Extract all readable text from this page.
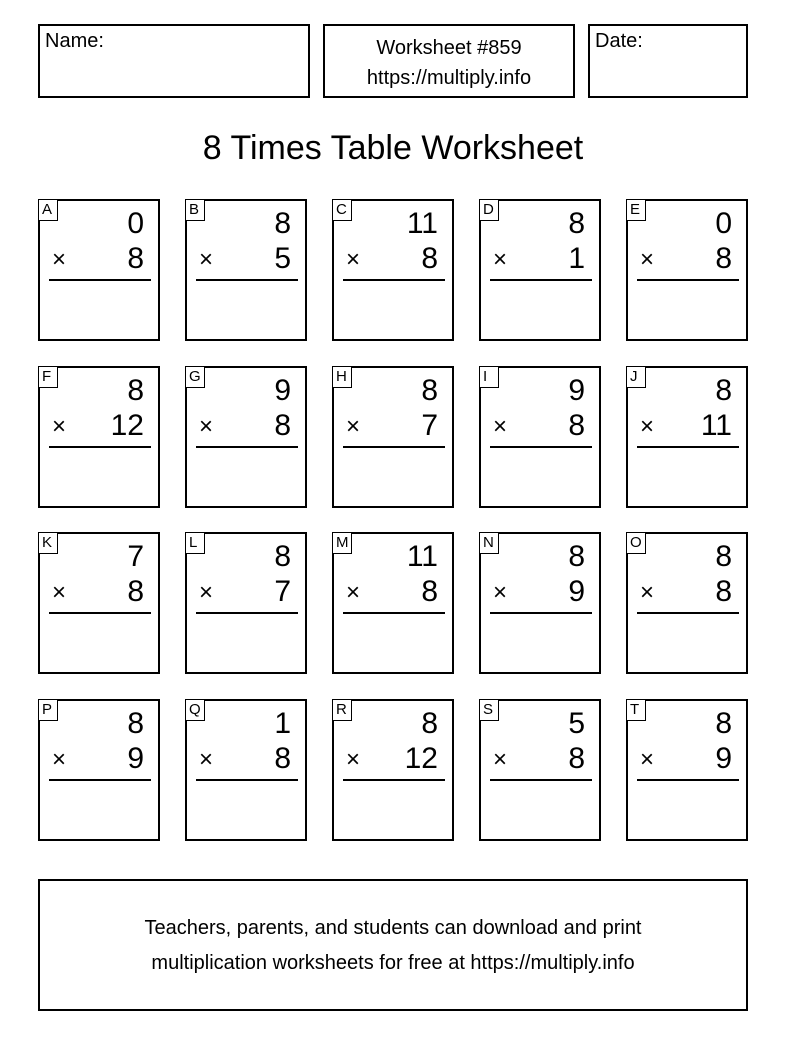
Name:	Worksheet #859
https://multiply.info
Date:
8 Times Table Worksheet
A	0
× 8
B	8
× 5
C 11
× 8
D 8
× 1
E	0
× 8
F	8
× 12
G 9
× 8
H 8
× 7
I	9
× 8
J	8
× 11
K	7
× 8
L	8
× 7
M 11
× 8
N 8
× 9
O 8
× 8
P	8
× 9
Q 1
× 8
R 8
× 12
S	5
× 8
T	8
× 9
Teachers, parents, and students can download and print
multiplication worksheets for free at https://multiply.info
